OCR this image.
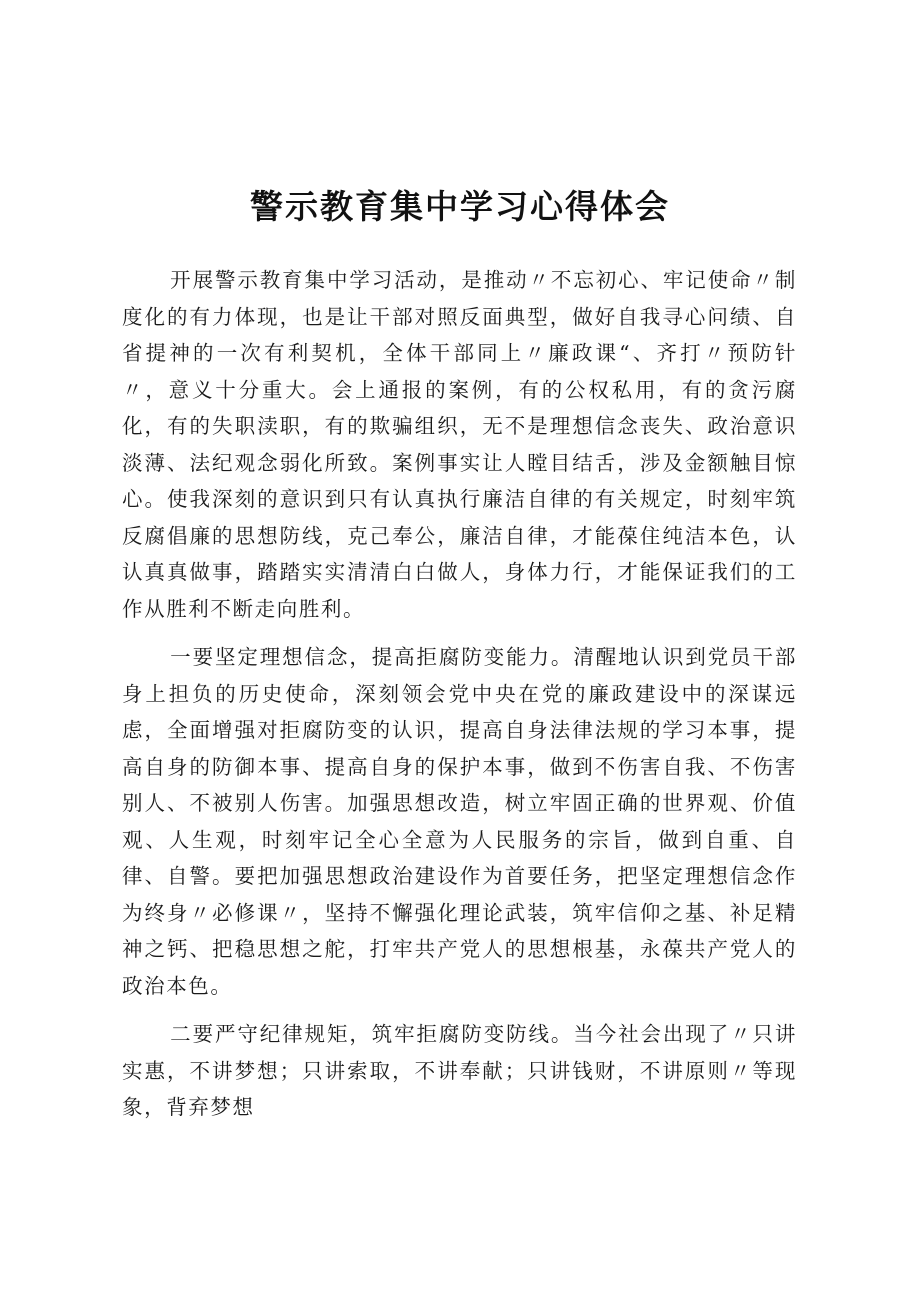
警示教育集中学习心得体会

开展警示教育集中学习活动，是推动〃不忘初心、牢记使命〃制度化的有力体现，也是让干部对照反面典型，做好自我寻心问绩、自省提神的一次有利契机，全体干部同上〃廉政课“、齐打〃预防针〃，意义十分重大。会上通报的案例，有的公权私用，有的贪污腐化，有的失职渎职，有的欺骗组织，无不是理想信念丧失、政治意识淡薄、法纪观念弱化所致。案例事实让人瞠目结舌，涉及金额触目惊心。使我深刻的意识到只有认真执行廉洁自律的有关规定，时刻牢筑反腐倡廉的思想防线，克己奉公，廉洁自律，才能葆住纯洁本色，认认真真做事，踏踏实实清清白白做人，身体力行，才能保证我们的工作从胜利不断走向胜利。

一要坚定理想信念，提高拒腐防变能力。清醒地认识到党员干部身上担负的历史使命，深刻领会党中央在党的廉政建设中的深谋远虑，全面增强对拒腐防变的认识，提高自身法律法规的学习本事，提高自身的防御本事、提高自身的保护本事，做到不伤害自我、不伤害别人、不被别人伤害。加强思想改造，树立牢固正确的世界观、价值观、人生观，时刻牢记全心全意为人民服务的宗旨，做到自重、自律、自警。要把加强思想政治建设作为首要任务，把坚定理想信念作为终身〃必修课〃，坚持不懈强化理论武装，筑牢信仰之基、补足精神之钙、把稳思想之舵，打牢共产党人的思想根基，永葆共产党人的政治本色。

二要严守纪律规矩，筑牢拒腐防变防线。当今社会出现了〃只讲实惠，不讲梦想；只讲索取，不讲奉献；只讲钱财，不讲原则〃等现象，背弃梦想
